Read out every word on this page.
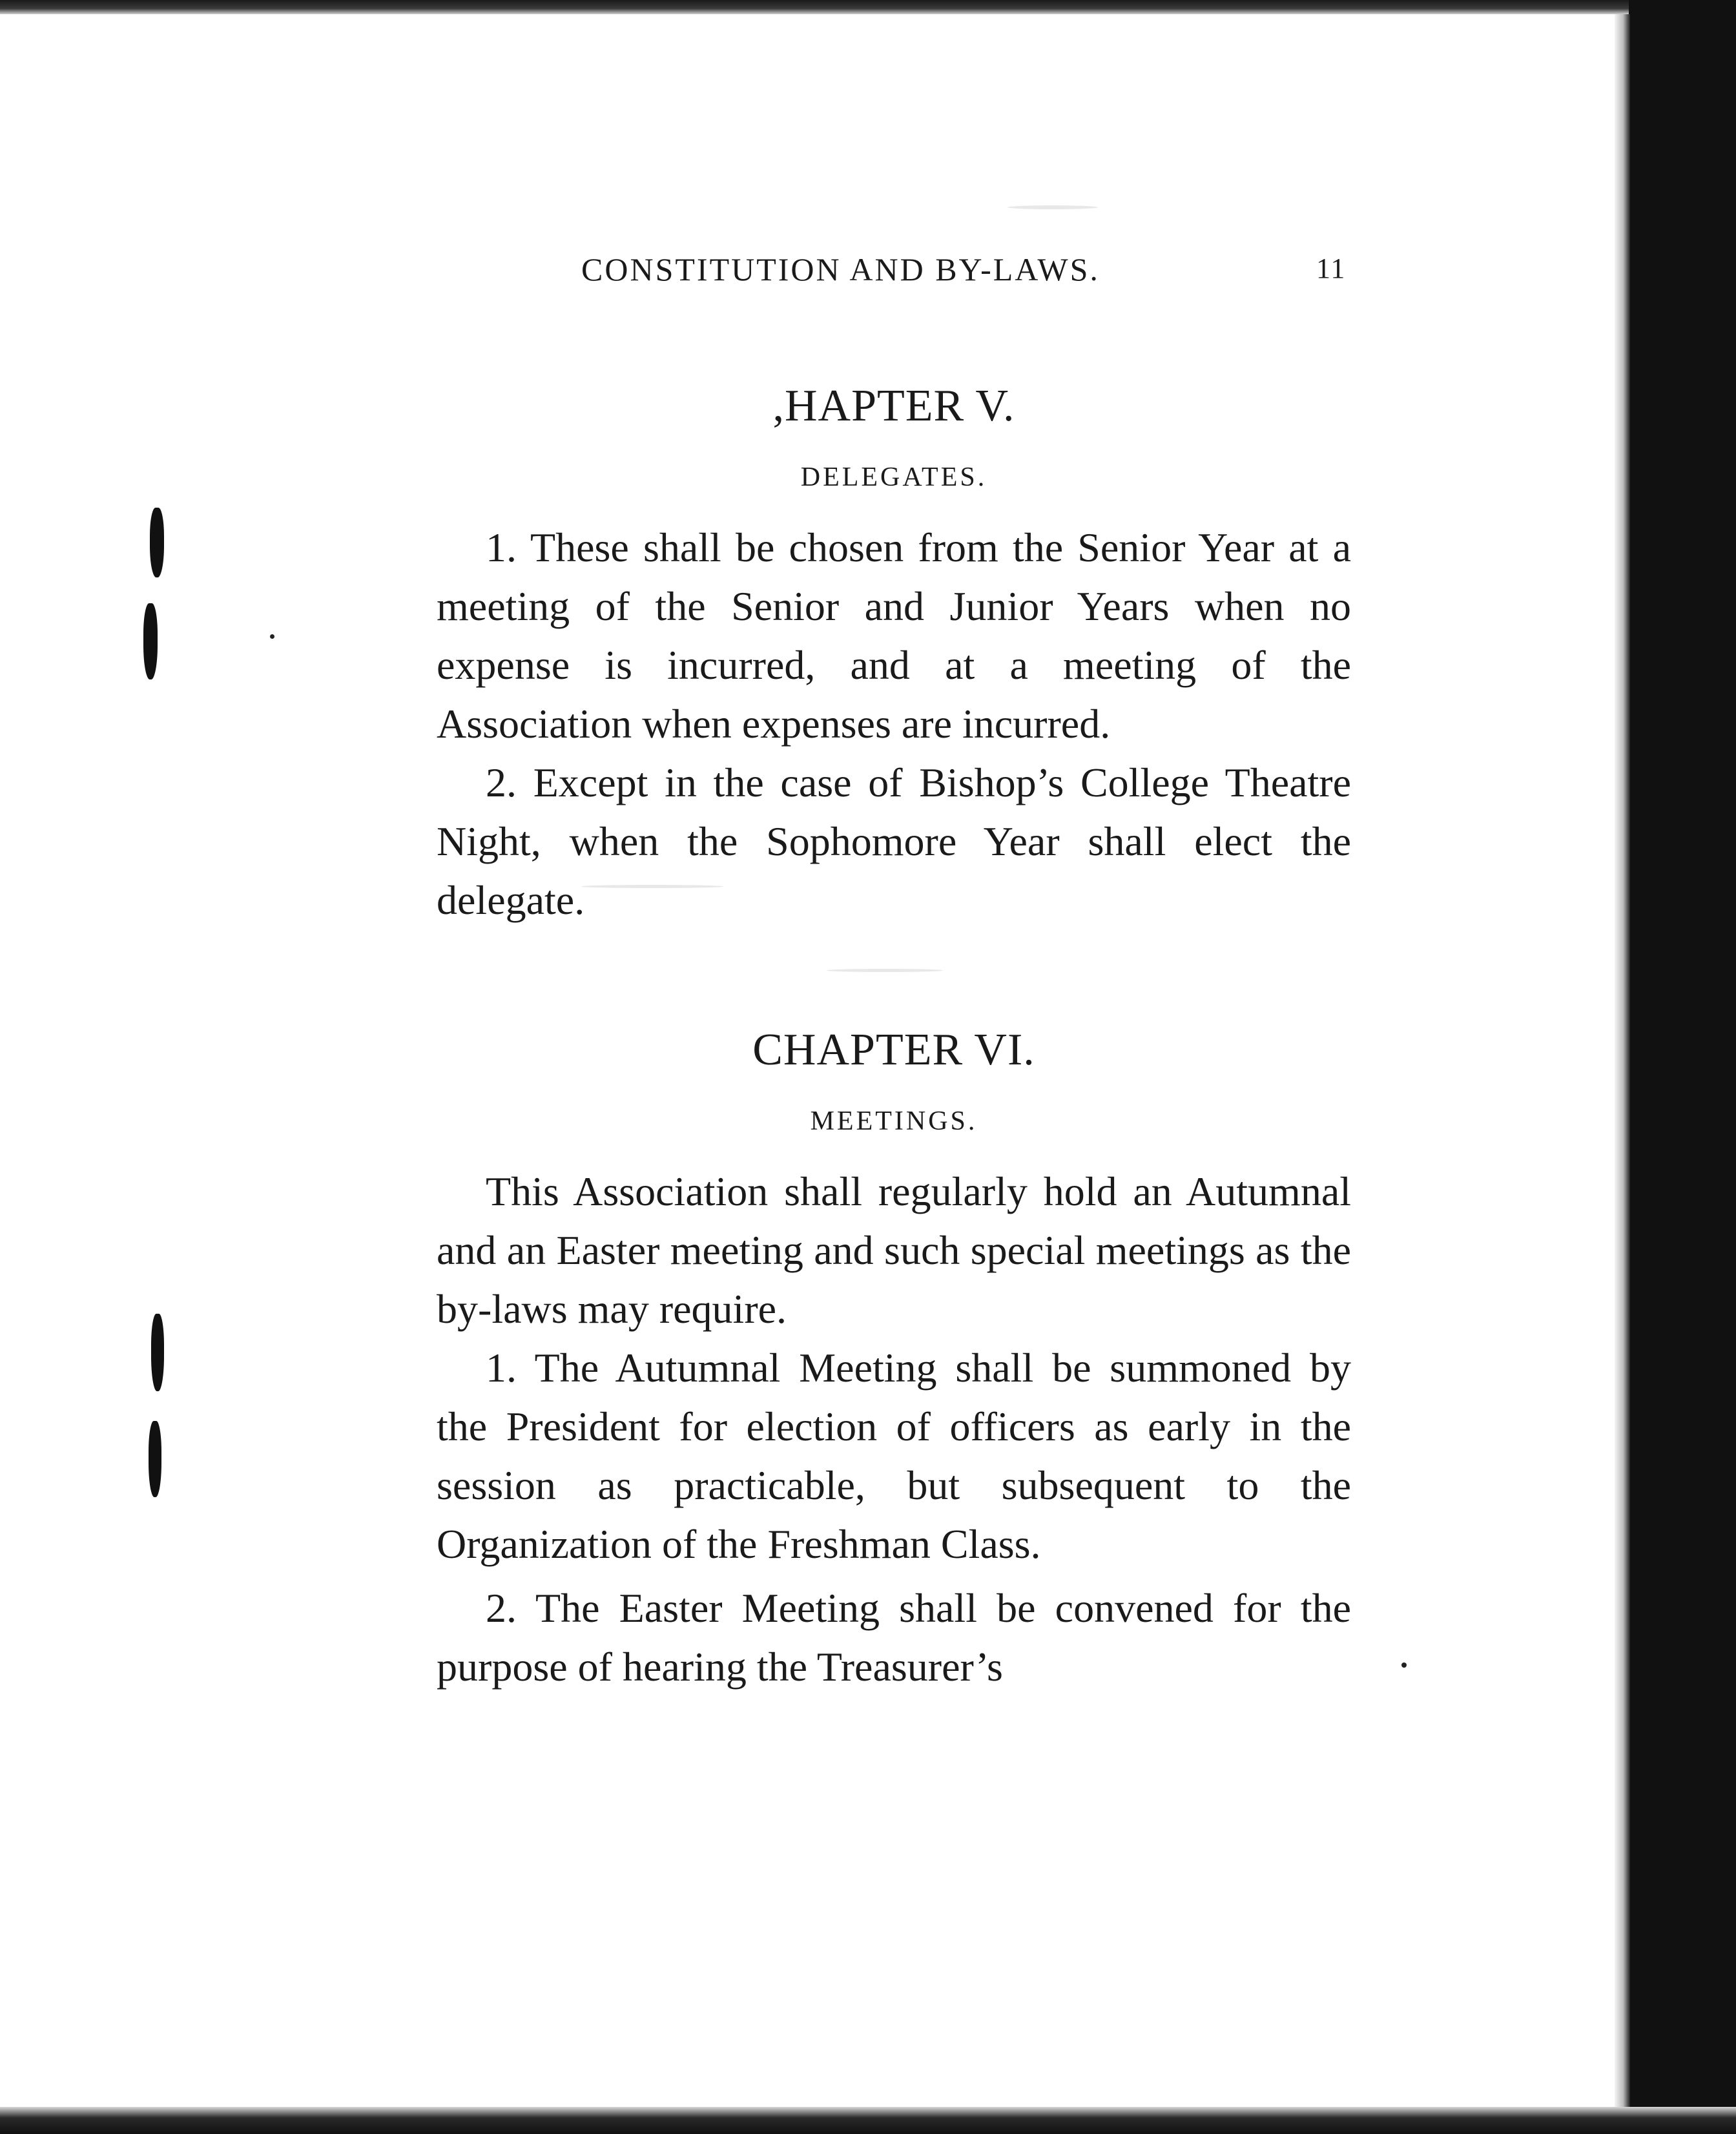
CONSTITUTION AND BY-LAWS.	11
,HAPTER V.
DELEGATES.

1. These shall be chosen from the Senior Year at a meeting of the Senior and Junior Years when no expense is incurred, and at a meeting of the Association when expenses are incurred.

2. Except in the case of Bishop’s College Theatre Night, when the Sophomore Year shall elect the delegate.

CHAPTER VI.
MEETINGS.

This Association shall regularly hold an Autumnal and an Easter meeting and such special meetings as the by-laws may require.

1. The Autumnal Meeting shall be summoned by the President for election of officers as early in the session as practicable, but subsequent to the Organization of the Freshman Class.

2. The Easter Meeting shall be convened for the purpose of hearing the Treasurer’s
